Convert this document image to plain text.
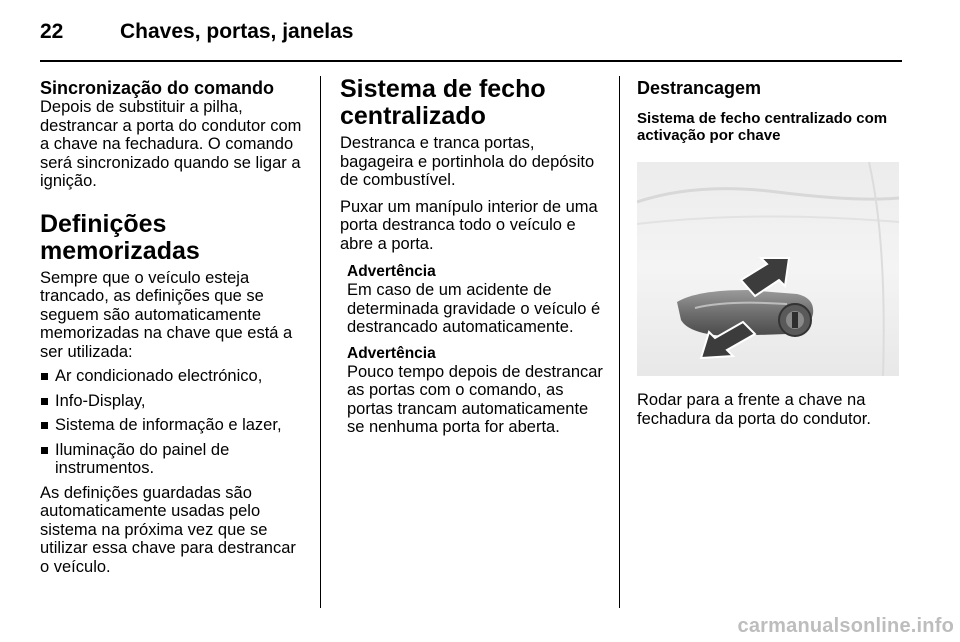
22	Chaves, portas, janelas
Sincronização do comando

Depois de substituir a pilha, destrancar a porta do condutor com a chave na fechadura. O comando será sincronizado quando se ligar a ignição.

Definições memorizadas

Sempre que o veículo esteja trancado, as definições que se seguem são automaticamente memorizadas na chave que está a ser utilizada:

Ar condicionado electrónico,
Info-Display,
Sistema de informação e lazer,
Iluminação do painel de instrumentos.

As definições guardadas são automaticamente usadas pelo sistema na próxima vez que se utilizar essa chave para destrancar o veículo.

Sistema de fecho centralizado

Destranca e tranca portas, bagageira e portinhola do depósito de combustível.

Puxar um manípulo interior de uma porta destranca todo o veículo e abre a porta.

Advertência

Em caso de um acidente de determinada gravidade o veículo é destrancado automaticamente.

Advertência

Pouco tempo depois de destrancar as portas com o comando, as portas trancam automaticamente se nenhuma porta for aberta.

Destrancagem
Sistema de fecho centralizado com activação por chave

Rodar para a frente a chave na fechadura da porta do condutor.

carmanualsonline.info
